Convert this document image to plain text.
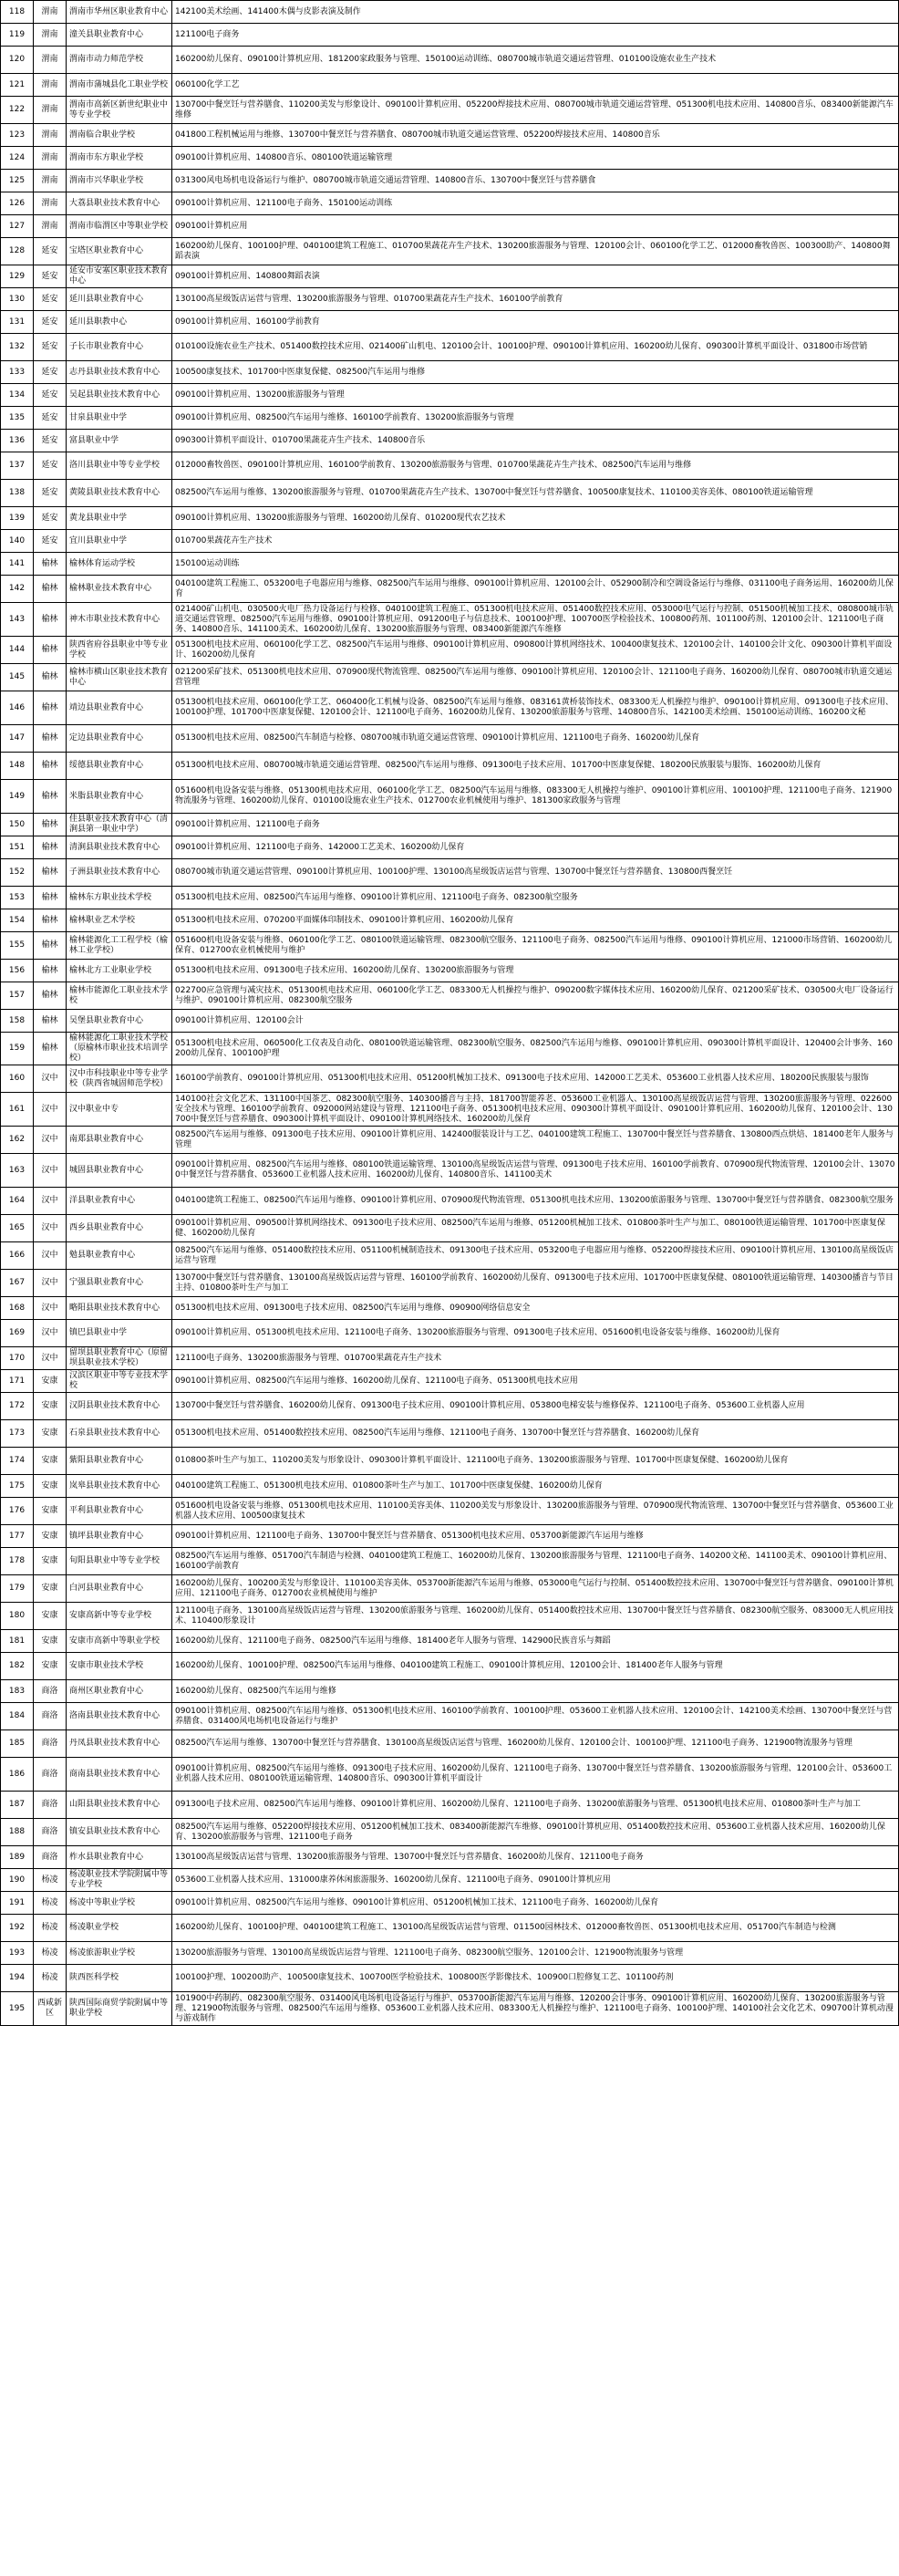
118	渭南	渭南市华州区职业教育中心	142100美术绘画、141400木偶与皮影表演及制作
119	渭南	潼关县职业教育中心	121100电子商务
120	渭南	渭南市动力师范学校	160200幼儿保育、090100计算机应用、181200家政服务与管理、150100运动训练、080700城市轨道交通运营管理、010100设施农业生产技术
121	渭南	渭南市蒲城县化工职业学校	060100化学工艺
122	渭南	渭南市高新区新世纪职业中等专业学校	130700中餐烹饪与营养膳食、110200美发与形象设计、090100计算机应用、052200焊接技术应用、080700城市轨道交通运营管理、051300机电技术应用、140800音乐、083400新能源汽车维修
123	渭南	渭南临合职业学校	041800工程机械运用与维修、130700中餐烹饪与营养膳食、080700城市轨道交通运营管理、052200焊接技术应用、140800音乐
124	渭南	渭南市东方职业学校	090100计算机应用、140800音乐、080100铁道运输管理
125	渭南	渭南市兴华职业学校	031300风电场机电设备运行与维护、080700城市轨道交通运营管理、140800音乐、130700中餐烹饪与营养膳食
126	渭南	大荔县职业技术教育中心	090100计算机应用、121100电子商务、150100运动训练
127	渭南	渭南市临渭区中等职业学校	090100计算机应用
128	延安	宝塔区职业教育中心	160200幼儿保育、100100护理、040100建筑工程施工、010700果蔬花卉生产技术、130200旅游服务与管理、120100会计、060100化学工艺、012000畜牧兽医、100300助产、140800舞蹈表演
129	延安	延安市安塞区职业技术教育中心	090100计算机应用、140800舞蹈表演
130	延安	延川县职业教育中心	130100高星级饭店运营与管理、130200旅游服务与管理、010700果蔬花卉生产技术、160100学前教育
131	延安	延川县职教中心	090100计算机应用、160100学前教育
132	延安	子长市职业教育中心	010100设施农业生产技术、051400数控技术应用、021400矿山机电、120100会计、100100护理、090100计算机应用、160200幼儿保育、090300计算机平面设计、031800市场营销
133	延安	志丹县职业技术教育中心	100500康复技术、101700中医康复保健、082500汽车运用与维修
134	延安	吴起县职业技术教育中心	090100计算机应用、130200旅游服务与管理
135	延安	甘泉县职业中学	090100计算机应用、082500汽车运用与维修、160100学前教育、130200旅游服务与管理
136	延安	富县职业中学	090300计算机平面设计、010700果蔬花卉生产技术、140800音乐
137	延安	洛川县职业中等专业学校	012000畜牧兽医、090100计算机应用、160100学前教育、130200旅游服务与管理、010700果蔬花卉生产技术、082500汽车运用与维修
138	延安	黄陵县职业技术教育中心	082500汽车运用与维修、130200旅游服务与管理、010700果蔬花卉生产技术、130700中餐烹饪与营养膳食、100500康复技术、110100美容美体、080100铁道运输管理
139	延安	黄龙县职业中学	090100计算机应用、130200旅游服务与管理、160200幼儿保育、010200现代农艺技术
140	延安	宜川县职业中学	010700果蔬花卉生产技术
141	榆林	榆林体育运动学校	150100运动训练
142	榆林	榆林职业技术教育中心	040100建筑工程施工、053200电子电器应用与维修、082500汽车运用与维修、090100计算机应用、120100会计、052900制冷和空调设备运行与维修、031100电子商务运用、160200幼儿保育
143	榆林	神木市职业技术教育中心	021400矿山机电、030500火电厂热力设备运行与检修、040100建筑工程施工、051300机电技术应用、051400数控技术应用、053000电气运行与控制、051500机械加工技术、080800城市轨道交通运营管理、082500汽车运用与维修、090100计算机应用、091200电子与信息技术、100100护理、100700医学检验技术、100800药剂、101100药剂、120100会计、121100电子商务、140800音乐、141100美术、160200幼儿保育、130200旅游服务与管理、083400新能源汽车维修
144	榆林	陕西省府谷县职业中等专业学校	051300机电技术应用、060100化学工艺、082500汽车运用与维修、090100计算机应用、090800计算机网络技术、100400康复技术、120100会计、140100会计文化、090300计算机平面设计、160200幼儿保育
145	榆林	榆林市横山区职业技术教育中心	021200采矿技术、051300机电技术应用、070900现代物流管理、082500汽车运用与维修、090100计算机应用、120100会计、121100电子商务、160200幼儿保育、080700城市轨道交通运营管理
146	榆林	靖边县职业教育中心	051300机电技术应用、060100化学工艺、060400化工机械与设备、082500汽车运用与维修、083161黄桥装饰技术、083300无人机操控与维护、090100计算机应用、091300电子技术应用、100100护理、101700中医康复保健、120100会计、121100电子商务、160200幼儿保育、130200旅游服务与管理、140800音乐、142100美术绘画、150100运动训练、160200文秘
147	榆林	定边县职业教育中心	051300机电技术应用、082500汽车制造与检修、080700城市轨道交通运营管理、090100计算机应用、121100电子商务、160200幼儿保育
148	榆林	绥德县职业教育中心	051300机电技术应用、080700城市轨道交通运营管理、082500汽车运用与维修、091300电子技术应用、101700中医康复保健、180200民族服装与服饰、160200幼儿保育
149	榆林	米脂县职业教育中心	051600机电设备安装与维修、051300机电技术应用、060100化学工艺、082500汽车运用与维修、083300无人机操控与维护、090100计算机应用、100100护理、121100电子商务、121900物流服务与管理、160200幼儿保育、010100设施农业生产技术、012700农业机械使用与维护、181300家政服务与管理
150	榆林	佳县职业技术教育中心（清涧县第一职业中学）	090100计算机应用、121100电子商务
151	榆林	清涧县职业技术教育中心	090100计算机应用、121100电子商务、142000工艺美术、160200幼儿保育
152	榆林	子洲县职业技术教育中心	080700城市轨道交通运营管理、090100计算机应用、100100护理、130100高星级饭店运营与管理、130700中餐烹饪与营养膳食、130800西餐烹饪
153	榆林	榆林东方职业技术学校	051300机电技术应用、082500汽车运用与维修、090100计算机应用、121100电子商务、082300航空服务
154	榆林	榆林职业艺术学校	051300机电技术应用、070200平面媒体印制技术、090100计算机应用、160200幼儿保育
155	榆林	榆林能源化工工程学校（榆林工业学校）	051600机电设备安装与维修、060100化学工艺、080100铁道运输管理、082300航空服务、121100电子商务、082500汽车运用与维修、090100计算机应用、121000市场营销、160200幼儿保育、012700农业机械使用与维护
156	榆林	榆林北方工业职业学校	051300机电技术应用、091300电子技术应用、160200幼儿保育、130200旅游服务与管理
157	榆林	榆林市能源化工职业技术学校	022700应急管理与减灾技术、051300机电技术应用、060100化学工艺、083300无人机操控与维护、090200数字媒体技术应用、160200幼儿保育、021200采矿技术、030500火电厂设备运行与维护、090100计算机应用、082300航空服务
158	榆林	吴堡县职业教育中心	090100计算机应用、120100会计
159	榆林	榆林能源化工职业技术学校（原榆林市职业技术培训学校）	051300机电技术应用、060500化工仪表及自动化、080100铁道运输管理、082300航空服务、082500汽车运用与维修、090100计算机应用、090300计算机平面设计、120400会计事务、160200幼儿保育、100100护理
160	汉中	汉中市科技职业中等专业学校（陕西省城固师范学校）	160100学前教育、090100计算机应用、051300机电技术应用、051200机械加工技术、091300电子技术应用、142000工艺美术、053600工业机器人技术应用、180200民族服装与服饰
161	汉中	汉中职业中专	140100社会文化艺术、131100中国茶艺、082300航空服务、140300播音与主持、181700智能养老、053600工业机器人、130100高星级饭店运营与管理、130200旅游服务与管理、022600安全技术与管理、160100学前教育、092000网站建设与管理、121100电子商务、051300机电技术应用、090300计算机平面设计、090100计算机应用、160200幼儿保育、120100会计、130700中餐烹饪与营养膳食、090300计算机平面设计、090100计算机网络技术、160200幼儿保育
162	汉中	南郑县职业教育中心	082500汽车运用与维修、091300电子技术应用、090100计算机应用、142400服装设计与工艺、040100建筑工程施工、130700中餐烹饪与营养膳食、130800西点烘焙、181400老年人服务与管理
163	汉中	城固县职业教育中心	090100计算机应用、082500汽车运用与维修、080100铁道运输管理、130100高星级饭店运营与管理、091300电子技术应用、160100学前教育、070900现代物流管理、120100会计、130700中餐烹饪与营养膳食、053600工业机器人技术应用、160200幼儿保育、140800音乐、141100美术
164	汉中	洋县职业教育中心	040100建筑工程施工、082500汽车运用与维修、090100计算机应用、070900现代物流管理、051300机电技术应用、130200旅游服务与管理、130700中餐烹饪与营养膳食、082300航空服务
165	汉中	西乡县职业教育中心	090100计算机应用、090500计算机网络技术、091300电子技术应用、082500汽车运用与维修、051200机械加工技术、010800茶叶生产与加工、080100铁道运输管理、101700中医康复保健、160200幼儿保育
166	汉中	勉县职业教育中心	082500汽车运用与维修、051400数控技术应用、051100机械制造技术、091300电子技术应用、053200电子电器应用与维修、052200焊接技术应用、090100计算机应用、130100高星级饭店运营与管理
167	汉中	宁强县职业教育中心	130700中餐烹饪与营养膳食、130100高星级饭店运营与管理、160100学前教育、160200幼儿保育、091300电子技术应用、101700中医康复保健、080100铁道运输管理、140300播音与节目主持、010800茶叶生产与加工
168	汉中	略阳县职业技术教育中心	051300机电技术应用、091300电子技术应用、082500汽车运用与维修、090900网络信息安全
169	汉中	镇巴县职业中学	090100计算机应用、051300机电技术应用、121100电子商务、130200旅游服务与管理、091300电子技术应用、051600机电设备安装与维修、160200幼儿保育
170	汉中	留坝县职业教育中心（原留坝县职业技术学校）	121100电子商务、130200旅游服务与管理、010700果蔬花卉生产技术
171	安康	汉滨区职业中等专业技术学校	090100计算机应用、082500汽车运用与维修、160200幼儿保育、121100电子商务、051300机电技术应用
172	安康	汉阴县职业技术教育中心	130700中餐烹饪与营养膳食、160200幼儿保育、091300电子技术应用、090100计算机应用、053800电梯安装与维修保养、121100电子商务、053600工业机器人应用
173	安康	石泉县职业技术教育中心	051300机电技术应用、051400数控技术应用、082500汽车运用与维修、121100电子商务、130700中餐烹饪与营养膳食、160200幼儿保育
174	安康	紫阳县职业教育中心	010800茶叶生产与加工、110200美发与形象设计、090300计算机平面设计、121100电子商务、130200旅游服务与管理、101700中医康复保健、160200幼儿保育
175	安康	岚皋县职业技术教育中心	040100建筑工程施工、051300机电技术应用、010800茶叶生产与加工、101700中医康复保健、160200幼儿保育
176	安康	平利县职业教育中心	051600机电设备安装与维修、051300机电技术应用、110100美容美体、110200美发与形象设计、130200旅游服务与管理、070900现代物流管理、130700中餐烹饪与营养膳食、053600工业机器人技术应用、100500康复技术
177	安康	镇坪县职业教育中心	090100计算机应用、121100电子商务、130700中餐烹饪与营养膳食、051300机电技术应用、053700新能源汽车运用与维修
178	安康	旬阳县职业中等专业学校	082500汽车运用与维修、051700汽车制造与检测、040100建筑工程施工、160200幼儿保育、130200旅游服务与管理、121100电子商务、140200文秘、141100美术、090100计算机应用、160100学前教育
179	安康	白河县职业教育中心	160200幼儿保育、100200美发与形象设计、110100美容美体、053700新能源汽车运用与维修、053000电气运行与控制、051400数控技术应用、130700中餐烹饪与营养膳食、090100计算机应用、121100电子商务、012700农业机械使用与维护
180	安康	安康高新中等专业学校	121100电子商务、130100高星级饭店运营与管理、130200旅游服务与管理、160200幼儿保育、051400数控技术应用、130700中餐烹饪与营养膳食、082300航空服务、083000无人机应用技术、110400形象设计
181	安康	安康市高新中等职业学校	160200幼儿保育、121100电子商务、082500汽车运用与维修、181400老年人服务与管理、142900民族音乐与舞蹈
182	安康	安康市职业技术学校	160200幼儿保育、100100护理、082500汽车运用与维修、040100建筑工程施工、090100计算机应用、120100会计、181400老年人服务与管理
183	商洛	商州区职业教育中心	160200幼儿保育、082500汽车运用与维修
184	商洛	洛南县职业技术教育中心	090100计算机应用、082500汽车运用与维修、051300机电技术应用、160100学前教育、100100护理、053600工业机器人技术应用、120100会计、142100美术绘画、130700中餐烹饪与营养膳食、031400风电场机电设备运行与维护
185	商洛	丹凤县职业技术教育中心	082500汽车运用与维修、130700中餐烹饪与营养膳食、130100高星级饭店运营与管理、160200幼儿保育、120100会计、100100护理、121100电子商务、121900物流服务与管理
186	商洛	商南县职业技术教育中心	090100计算机应用、082500汽车运用与维修、091300电子技术应用、160200幼儿保育、121100电子商务、130700中餐烹饪与营养膳食、130200旅游服务与管理、120100会计、053600工业机器人技术应用、080100铁道运输管理、140800音乐、090300计算机平面设计
187	商洛	山阳县职业技术教育中心	091300电子技术应用、082500汽车运用与维修、090100计算机应用、160200幼儿保育、121100电子商务、130200旅游服务与管理、051300机电技术应用、010800茶叶生产与加工
188	商洛	镇安县职业技术教育中心	082500汽车运用与维修、052200焊接技术应用、051200机械加工技术、083400新能源汽车维修、090100计算机应用、051400数控技术应用、053600工业机器人技术应用、160200幼儿保育、130200旅游服务与管理、121100电子商务
189	商洛	柞水县职业教育中心	130100高星级饭店运营与管理、130200旅游服务与管理、130700中餐烹饪与营养膳食、160200幼儿保育、121100电子商务
190	杨凌	杨凌职业技术学院附属中等专业学校	053600工业机器人技术应用、131000康养休闲旅游服务、160200幼儿保育、121100电子商务、090100计算机应用
191	杨凌	杨凌中等职业学校	090100计算机应用、082500汽车运用与维修、090100计算机应用、051200机械加工技术、121100电子商务、160200幼儿保育
192	杨凌	杨凌职业学校	160200幼儿保育、100100护理、040100建筑工程施工、130100高星级饭店运营与管理、011500园林技术、012000畜牧兽医、051300机电技术应用、051700汽车制造与检测
193	杨凌	杨凌旅游职业学校	130200旅游服务与管理、130100高星级饭店运营与管理、121100电子商务、082300航空服务、120100会计、121900物流服务与管理
194	杨凌	陕西医科学校	100100护理、100200助产、100500康复技术、100700医学检验技术、100800医学影像技术、100900口腔修复工艺、101100药剂
195	西咸新区	陕西国际商贸学院附属中等职业学校	101900中药制药、082300航空服务、031400风电场机电设备运行与维护、053700新能源汽车运用与维修、120200会计事务、090100计算机应用、160200幼儿保育、130200旅游服务与管理、121900物流服务与管理、082500汽车运用与维修、053600工业机器人技术应用、083300无人机操控与维护、121100电子商务、100100护理、140100社会文化艺术、090700计算机动漫与游戏制作
